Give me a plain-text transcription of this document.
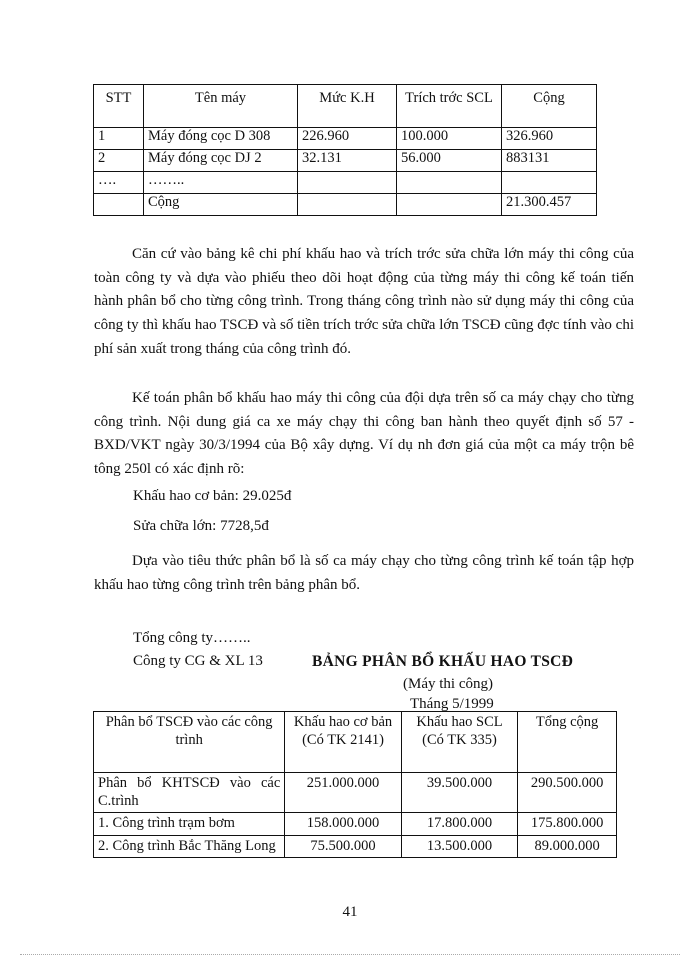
STT	Tên máy	Mức K.H	Trích trớc SCL	Cộng
1	Máy đóng cọc D 308	226.960	100.000	326.960
2	Máy đóng cọc DJ 2	32.131	56.000	883131
….	……..			
	Cộng			21.300.457

Căn cứ vào bảng kê chi phí khấu hao và trích trớc sửa chữa lớn máy thi công của toàn công ty và dựa vào phiếu theo dõi hoạt động của từng máy thi công kế toán tiến hành phân bổ cho từng công trình. Trong tháng công trình nào sử dụng máy thi công của công ty thì khấu hao TSCĐ và số tiền trích trớc sửa chữa lớn TSCĐ cũng đợc tính vào chi phí sản xuất trong tháng của công trình đó.

Kế toán phân bổ khấu hao máy thi công của đội dựa trên số ca máy chạy cho từng công trình. Nội dung giá ca xe máy chạy thi công ban hành theo quyết định số 57 - BXD/VKT ngày 30/3/1994 của Bộ xây dựng. Ví dụ nh đơn giá của một ca máy trộn bê tông 250l có xác định rõ:

Khấu hao cơ bản: 29.025đ

Sửa chữa lớn: 7728,5đ

Dựa vào tiêu thức phân bổ là số ca máy chạy cho từng công trình kế toán tập hợp khấu hao từng công trình trên bảng phân bổ.

Tổng công ty……..
Công ty CG & XL 13	BẢNG PHÂN BỔ KHẤU HAO TSCĐ
(Máy thi công)
Tháng 5/1999
Phân bổ TSCĐ vào các công trình	Khấu hao cơ bản (Có TK 2141)	Khấu hao SCL (Có TK 335)	Tổng cộng
Phân bổ KHTSCĐ vào các C.trình	251.000.000	39.500.000	290.500.000
1. Công trình trạm bơm	158.000.000	17.800.000	175.800.000
2. Công trình Bắc Thăng Long	75.500.000	13.500.000	89.000.000
41
